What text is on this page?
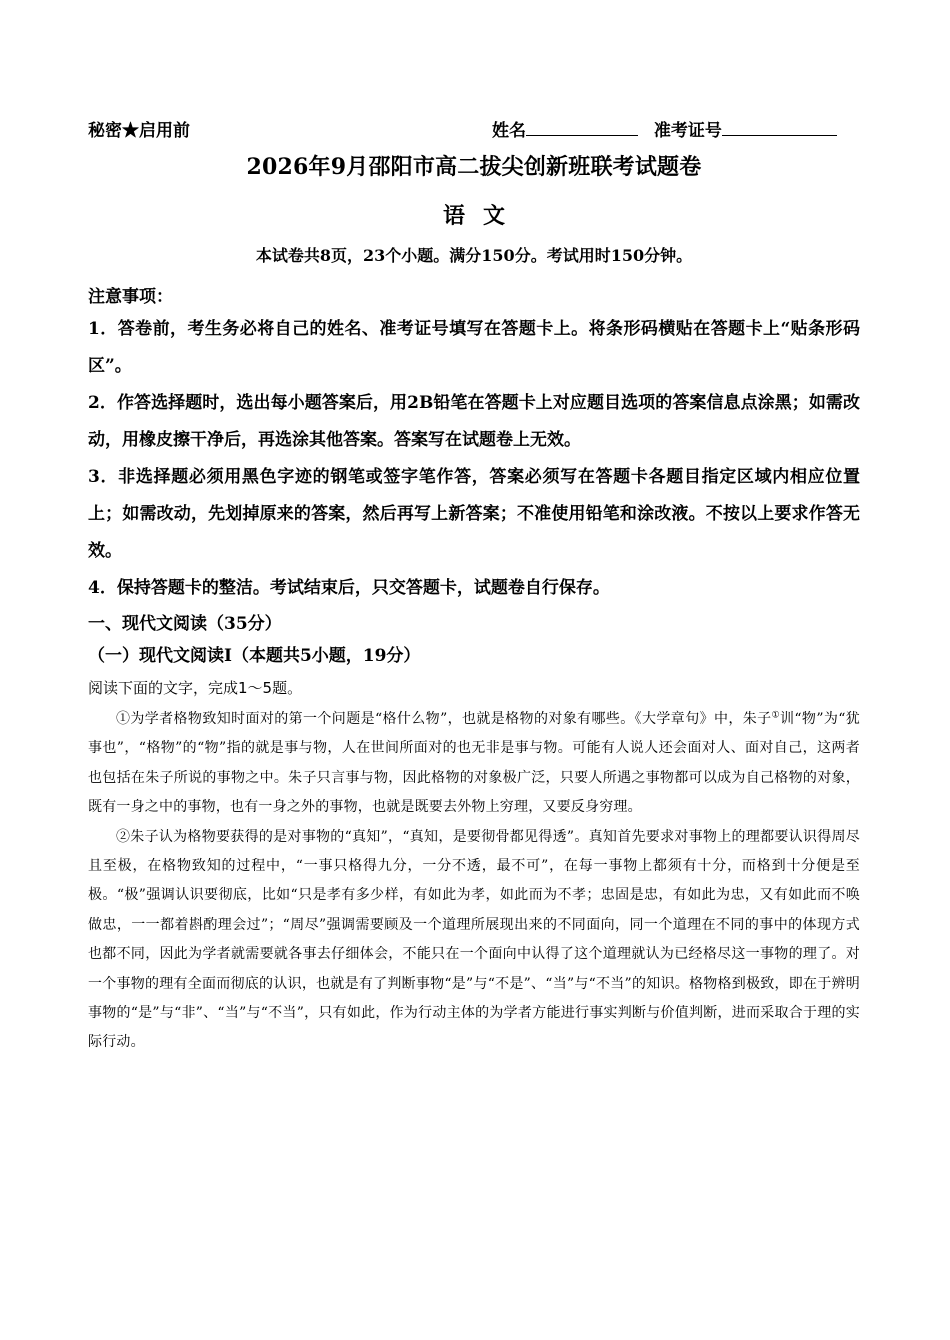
秘密★启用前	姓名	准考证号
2026年9月邵阳市高二拔尖创新班联考试题卷
语文
本试卷共8页，23个小题。满分150分。考试用时150分钟。
注意事项：

1．答卷前，考生务必将自己的姓名、准考证号填写在答题卡上。将条形码横贴在答题卡上“贴条形码区”。

2．作答选择题时，选出每小题答案后，用2B铅笔在答题卡上对应题目选项的答案信息点涂黑；如需改动，用橡皮擦干净后，再选涂其他答案。答案写在试题卷上无效。

3．非选择题必须用黑色字迹的钢笔或签字笔作答，答案必须写在答题卡各题目指定区域内相应位置上；如需改动，先划掉原来的答案，然后再写上新答案；不准使用铅笔和涂改液。不按以上要求作答无效。

4．保持答题卡的整洁。考试结束后，只交答题卡，试题卷自行保存。

一、现代文阅读（35分）
（一）现代文阅读Ⅰ（本题共5小题，19分）
阅读下面的文字，完成1～5题。

①为学者格物致知时面对的第一个问题是“格什么物”，也就是格物的对象有哪些。《大学章句》中，朱子①训“物”为“犹事也”，“格物”的“物”指的就是事与物，人在世间所面对的也无非是事与物。可能有人说人还会面对人、面对自己，这两者也包括在朱子所说的事物之中。朱子只言事与物，因此格物的对象极广泛，只要人所遇之事物都可以成为自己格物的对象，既有一身之中的事物，也有一身之外的事物，也就是既要去外物上穷理，又要反身穷理。

②朱子认为格物要获得的是对事物的“真知”，“真知，是要彻骨都见得透”。真知首先要求对事物上的理都要认识得周尽且至极，在格物致知的过程中，“一事只格得九分，一分不透，最不可”，在每一事物上都须有十分，而格到十分便是至极。“极”强调认识要彻底，比如“只是孝有多少样，有如此为孝，如此而为不孝；忠固是忠，有如此为忠，又有如此而不唤做忠，一一都着斟酌理会过”；“周尽”强调需要顾及一个道理所展现出来的不同面向，同一个道理在不同的事中的体现方式也都不同，因此为学者就需要就各事去仔细体会，不能只在一个面向中认得了这个道理就认为已经格尽这一事物的理了。对一个事物的理有全面而彻底的认识，也就是有了判断事物“是”与“不是”、“当”与“不当”的知识。格物格到极致，即在于辨明事物的“是”与“非”、“当”与“不当”，只有如此，作为行动主体的为学者方能进行事实判断与价值判断，进而采取合于理的实际行动。
